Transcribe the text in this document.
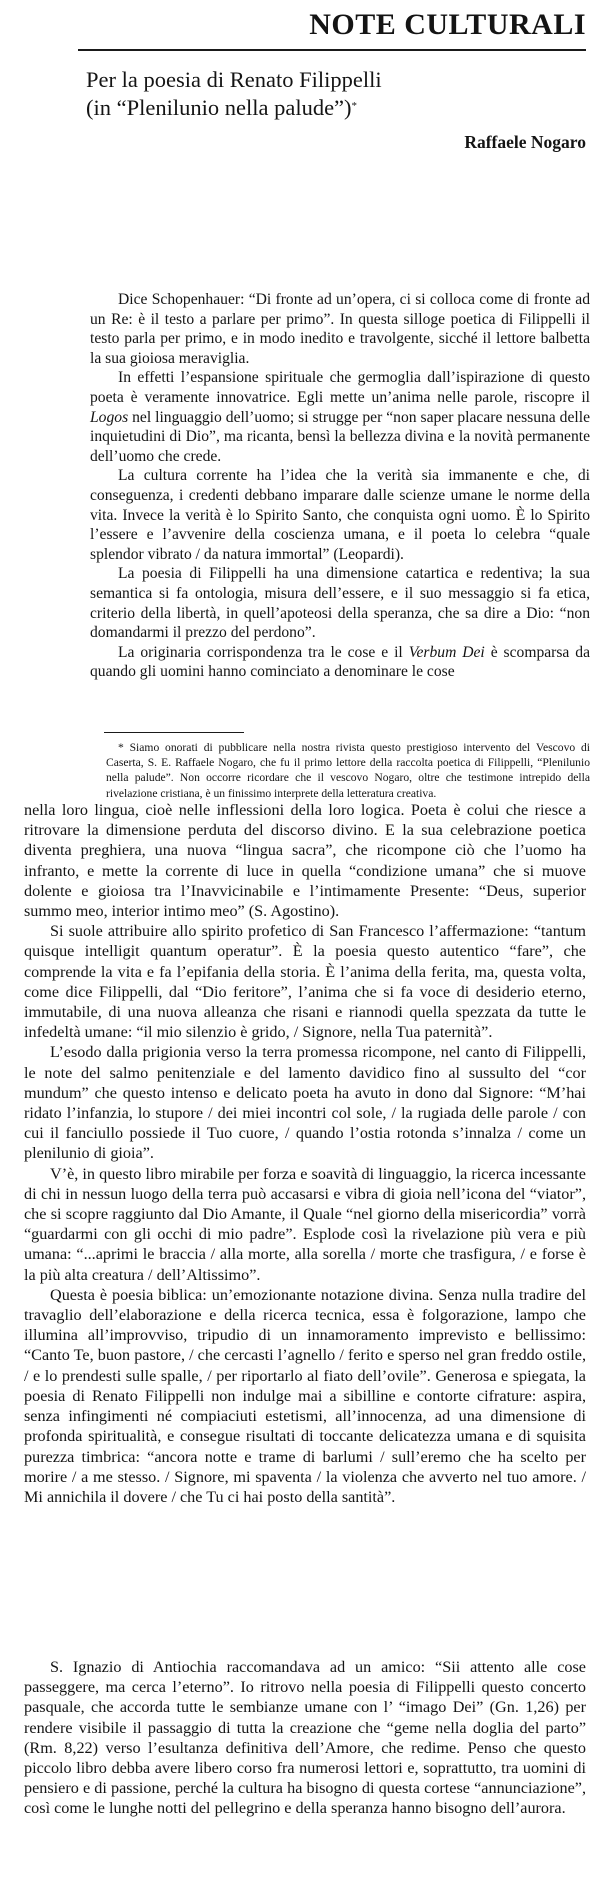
NOTE CULTURALI
Per la poesia di Renato Filippelli
(in “Plenilunio nella palude”)*
Raffaele Nogaro

Dice Schopenhauer: “Di fronte ad un’opera, ci si colloca come di fronte ad un Re: è il testo a parlare per primo”. In questa silloge poetica di Filippelli il testo parla per primo, e in modo inedito e travolgente, sicché il lettore balbetta la sua gioiosa meraviglia.

In effetti l’espansione spirituale che germoglia dall’ispirazione di questo poeta è veramente innovatrice. Egli mette un’anima nelle parole, riscopre il Logos nel linguaggio dell’uomo; si strugge per “non saper placare nessuna delle inquietudini di Dio”, ma ricanta, bensì la bellezza divina e la novità permanente dell’uomo che crede.

La cultura corrente ha l’idea che la verità sia immanente e che, di conseguenza, i credenti debbano imparare dalle scienze umane le norme della vita. Invece la verità è lo Spirito Santo, che conquista ogni uomo. È lo Spirito l’essere e l’avvenire della coscienza umana, e il poeta lo celebra “quale splendor vibrato / da natura immortal” (Leopardi).

La poesia di Filippelli ha una dimensione catartica e redentiva; la sua semantica si fa ontologia, misura dell’essere, e il suo messaggio si fa etica, criterio della libertà, in quell’apoteosi della speranza, che sa dire a Dio: “non domandarmi il prezzo del perdono”.

La originaria corrispondenza tra le cose e il Verbum Dei è scomparsa da quando gli uomini hanno cominciato a denominare le cose

* Siamo onorati di pubblicare nella nostra rivista questo prestigioso intervento del Vescovo di Caserta, S. E. Raffaele Nogaro, che fu il primo lettore della raccolta poetica di Filippelli, “Plenilunio nella palude”. Non occorre ricordare che il vescovo Nogaro, oltre che testimone intrepido della rivelazione cristiana, è un finissimo interprete della letteratura creativa.

nella loro lingua, cioè nelle inflessioni della loro logica. Poeta è colui che riesce a ritrovare la dimensione perduta del discorso divino. E la sua celebrazione poetica diventa preghiera, una nuova “lingua sacra”, che ricompone ciò che l’uomo ha infranto, e mette la corrente di luce in quella “condizione umana” che si muove dolente e gioiosa tra l’Inavvicinabile e l’intimamente Presente: “Deus, superior summo meo, interior intimo meo” (S. Agostino).

Si suole attribuire allo spirito profetico di San Francesco l’affermazione: “tantum quisque intelligit quantum operatur”. È la poesia questo autentico “fare”, che comprende la vita e fa l’epifania della storia. È l’anima della ferita, ma, questa volta, come dice Filippelli, dal “Dio feritore”, l’anima che si fa voce di desiderio eterno, immutabile, di una nuova alleanza che risani e riannodi quella spezzata da tutte le infedeltà umane: “il mio silenzio è grido, / Signore, nella Tua paternità”.

L’esodo dalla prigionia verso la terra promessa ricompone, nel canto di Filippelli, le note del salmo penitenziale e del lamento davidico fino al sussulto del “cor mundum” che questo intenso e delicato poeta ha avuto in dono dal Signore: “M’hai ridato l’infanzia, lo stupore / dei miei incontri col sole, / la rugiada delle parole / con cui il fanciullo possiede il Tuo cuore, / quando l’ostia rotonda s’innalza / come un plenilunio di gioia”.

V’è, in questo libro mirabile per forza e soavità di linguaggio, la ricerca incessante di chi in nessun luogo della terra può accasarsi e vibra di gioia nell’icona del “viator”, che si scopre raggiunto dal Dio Amante, il Quale “nel giorno della misericordia” vorrà “guardarmi con gli occhi di mio padre”. Esplode così la rivelazione più vera e più umana: “...aprimi le braccia / alla morte, alla sorella / morte che trasfigura, / e forse è la più alta creatura / dell’Altissimo”.

Questa è poesia biblica: un’emozionante notazione divina. Senza nulla tradire del travaglio dell’elaborazione e della ricerca tecnica, essa è folgorazione, lampo che illumina all’improvviso, tripudio di un innamoramento imprevisto e bellissimo: “Canto Te, buon pastore, / che cercasti l’agnello / ferito e sperso nel gran freddo ostile, / e lo prendesti sulle spalle, / per riportarlo al fiato dell’ovile”. Generosa e spiegata, la poesia di Renato Filippelli non indulge mai a sibilline e contorte cifrature: aspira, senza infingimenti né compiaciuti estetismi, all’innocenza, ad una dimensione di profonda spiritualità, e consegue risultati di toccante delicatezza umana e di squisita purezza timbrica: “ancora notte e trame di barlumi / sull’eremo che ha scelto per morire / a me stesso. / Signore, mi spaventa / la violenza che avverto nel tuo amore. / Mi annichila il dovere / che Tu ci hai posto della santità”.

S. Ignazio di Antiochia raccomandava ad un amico: “Sii attento alle cose passeggere, ma cerca l’eterno”. Io ritrovo nella poesia di Filippelli questo concerto pasquale, che accorda tutte le sembianze umane con l’ “imago Dei” (Gn. 1,26) per rendere visibile il passaggio di tutta la creazione che “geme nella doglia del parto” (Rm. 8,22) verso l’esultanza definitiva dell’Amore, che redime. Penso che questo piccolo libro debba avere libero corso fra numerosi lettori e, soprattutto, tra uomini di pensiero e di passione, perché la cultura ha bisogno di questa cortese “annunciazione”, così come le lunghe notti del pellegrino e della speranza hanno bisogno dell’aurora.
